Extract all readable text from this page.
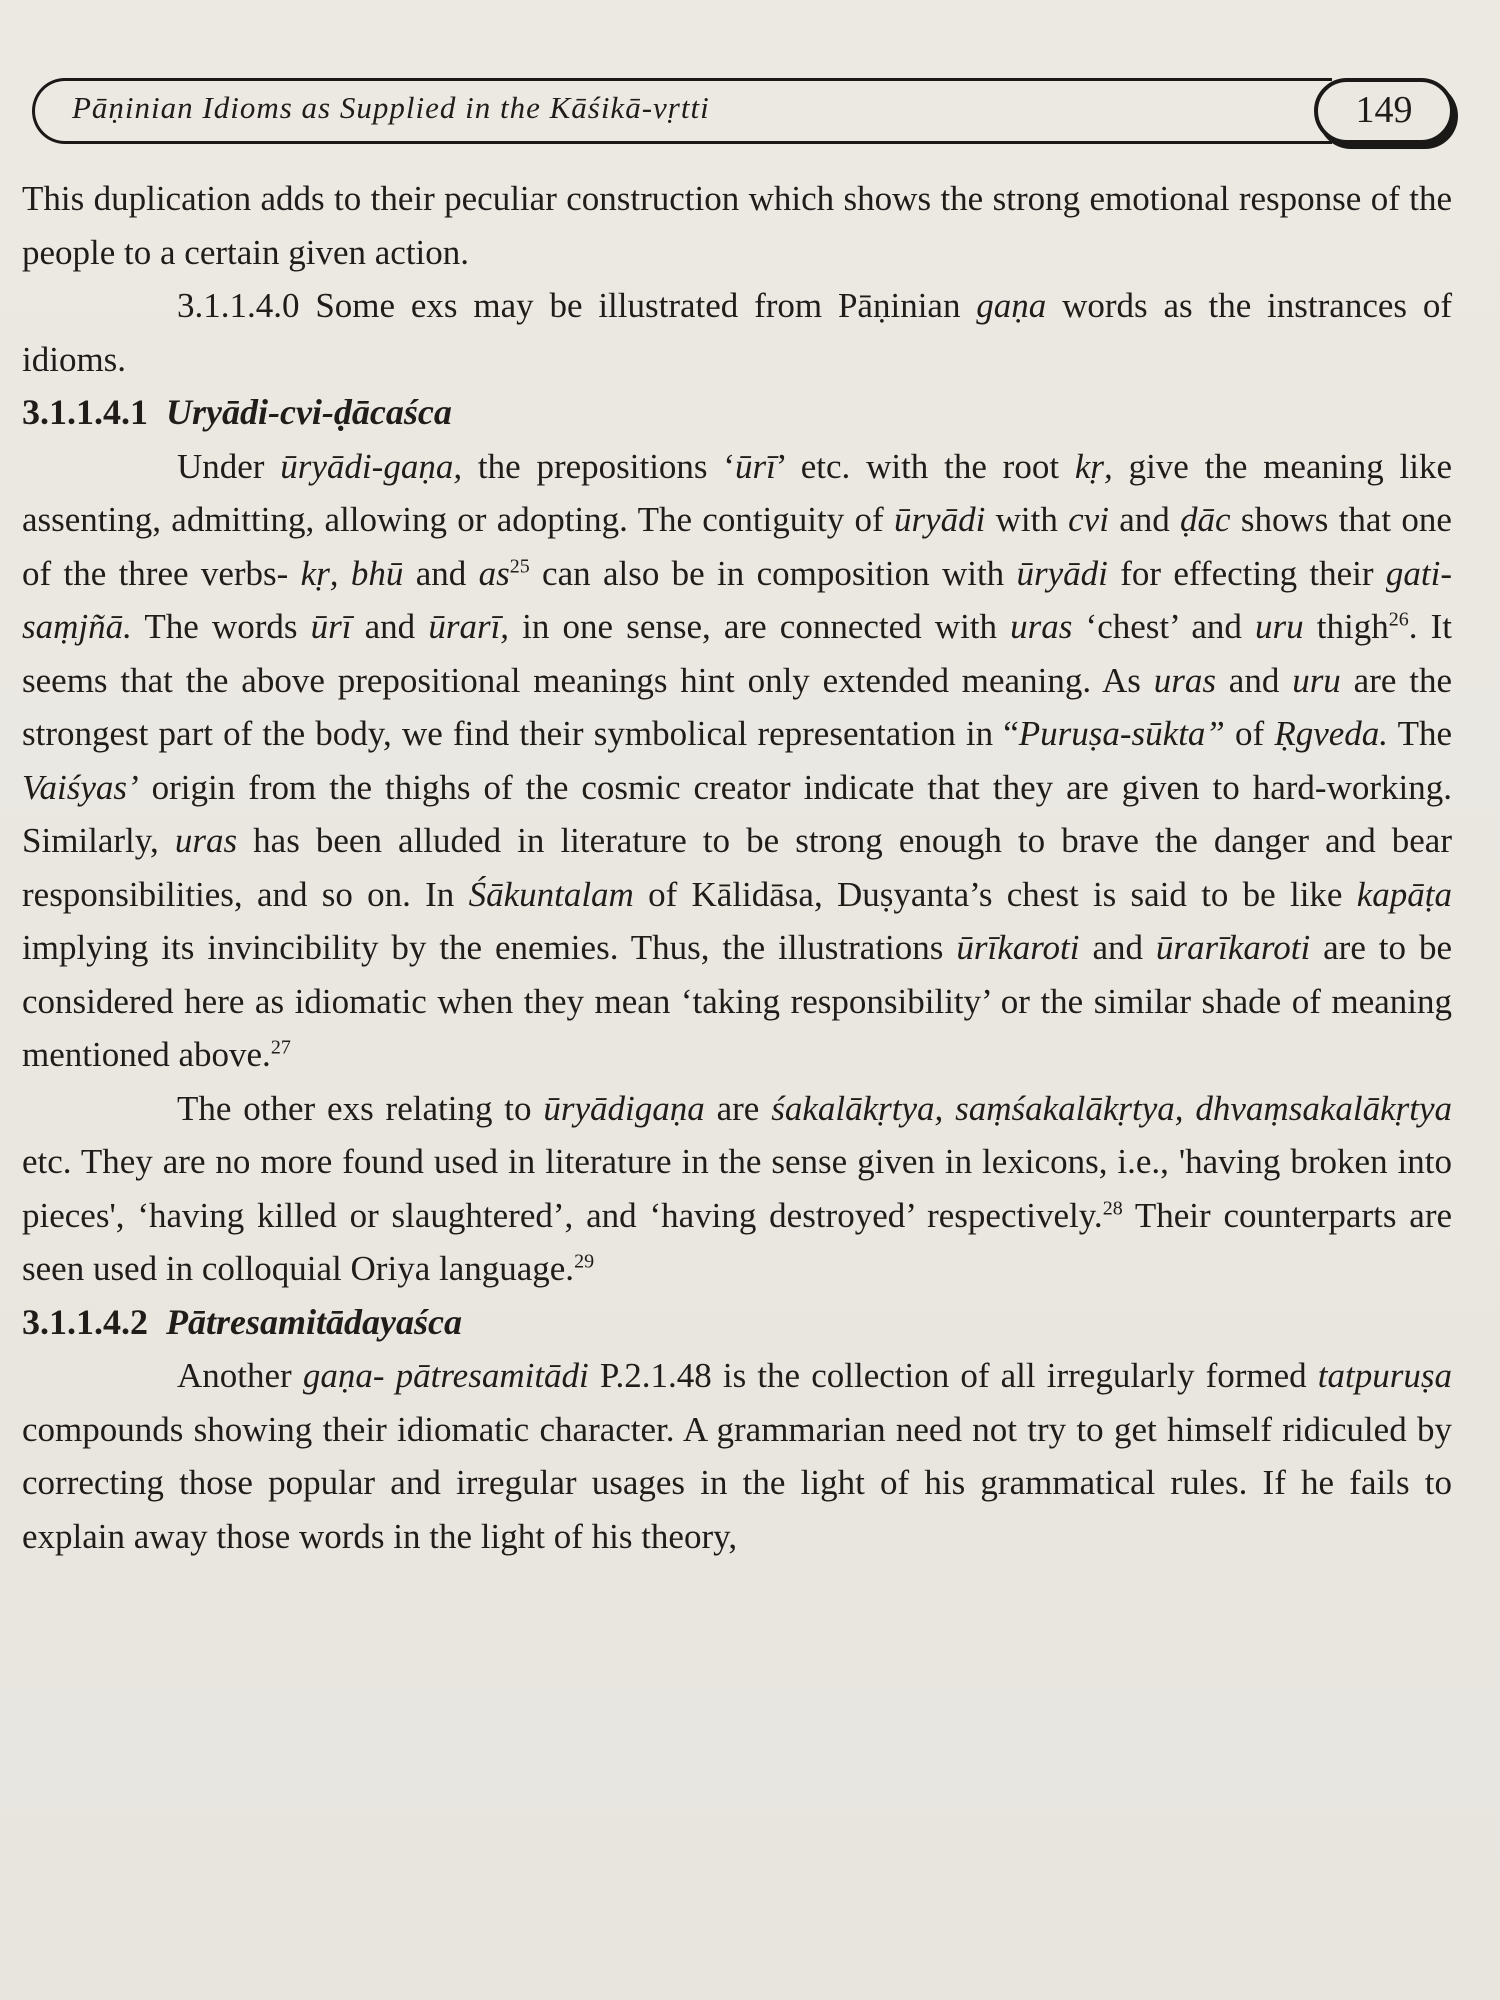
Pāṇinian Idioms as Supplied in the Kāśikā-vṛtti	149

This duplication adds to their peculiar construction which shows the strong emotional response of the people to a certain given action.

3.1.1.4.0 Some exs may be illustrated from Pāṇinian gaṇa words as the instrances of idioms.

3.1.1.4.1 Uryādi-cvi-ḍācaśca

Under ūryādi-gaṇa, the prepositions ‘ūrī’ etc. with the root kṛ, give the meaning like assenting, admitting, allowing or adopting. The contiguity of ūryādi with cvi and ḍāc shows that one of the three verbs- kṛ, bhū and $as^{25}$ can also be in composition with ūryādi for effecting their gati-saṃjñā. The words ūrī and ūrarī, in one sense, are connected with uras ‘chest’ and uru thigh$^{26}$. It seems that the above prepositional meanings hint only extended meaning. As uras and uru are the strongest part of the body, we find their symbolical representation in “Puruṣa-sūkta” of Ṛgveda. The Vaiśyas’ origin from the thighs of the cosmic creator indicate that they are given to hard-working. Similarly, uras has been alluded in literature to be strong enough to brave the danger and bear responsibilities, and so on. In Śākuntalam of Kālidāsa, Duṣyanta’s chest is said to be like kapāṭa implying its invincibility by the enemies. Thus, the illustrations ūrīkaroti and ūrarīkaroti are to be considered here as idiomatic when they mean ‘taking responsibility’ or the similar shade of meaning mentioned above.$^{27}$

The other exs relating to ūryādigaṇa are śakalākṛtya, saṃśakalākṛtya, dhvaṃsakalākṛtya etc. They are no more found used in literature in the sense given in lexicons, i.e., 'having broken into pieces', ‘having killed or slaughtered’, and ‘having destroyed’ respectively.$^{28}$ Their counterparts are seen used in colloquial Oriya language.$^{29}$

3.1.1.4.2 Pātresamitādayaśca

Another gaṇa- pātresamitādi P.2.1.48 is the collection of all irregularly formed tatpuruṣa compounds showing their idiomatic character. A grammarian need not try to get himself ridiculed by correcting those popular and irregular usages in the light of his grammatical rules. If he fails to explain away those words in the light of his theory,
